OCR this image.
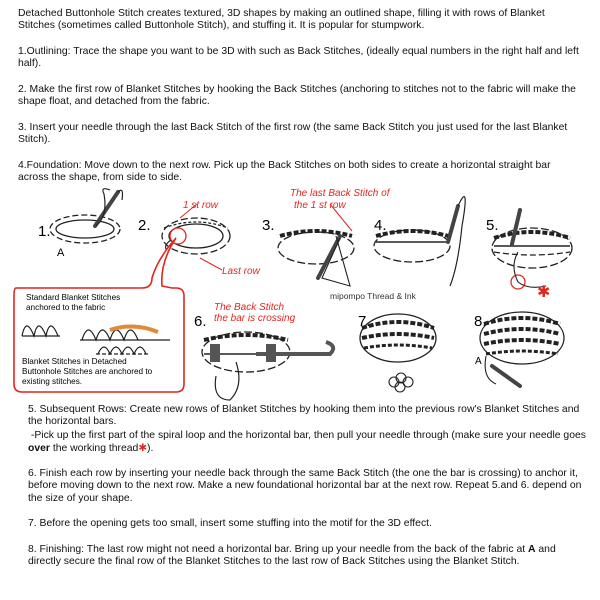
Detached Buttonhole Stitch creates textured, 3D shapes by making an outlined shape, filling it with rows of Blanket Stitches (sometimes called Buttonhole Stitch), and stuffing it. It is popular for stumpwork.

1.Outlining: Trace the shape you want to be 3D with such as Back Stitches, (ideally equal numbers in the right half and left half).

2. Make the first row of Blanket Stitches by hooking the Back Stitches (anchoring to stitches not to the fabric will make the shape float, and detached from the fabric.

3. Insert your needle through the last Back Stitch of the first row (the same Back Stitch you just used for the last Blanket Stitch).

4.Foundation: Move down to the next row. Pick up the Back Stitches on both sides to create a horizontal straight bar across the shape, from side to side.

1.
A
2.
1 st row
Last row
3.
The last Back Stitch of
the 1 st row
mipompo Thread & Ink
4.	5.
✱
Standard Blanket Stitches
anchored to the fabric
Blanket Stitches in Detached
Buttonhole Stitches are anchored to
existing stitches.
6.
The Back Stitch
the bar is crossing	7.	8.
A

5. Subsequent Rows: Create new rows of Blanket Stitches by hooking them into the previous row's Blanket Stitches and the horizontal bars.

-Pick up the first part of the spiral loop and the horizontal bar, then pull your needle through (make sure your needle goes over the working thread✱).

6. Finish each row by inserting your needle back through the same Back Stitch (the one the bar is crossing) to anchor it, before moving down to the next row. Make a new foundational horizontal bar at the next row. Repeat 5.and 6. depend on the size of your shape.

7. Before the opening gets too small, insert some stuffing into the motif for the 3D effect.

8. Finishing: The last row might not need a horizontal bar. Bring up your needle from the back of the fabric at A and directly secure the final row of the Blanket Stitches to the last row of Back Stitches using the Blanket Stitch.
